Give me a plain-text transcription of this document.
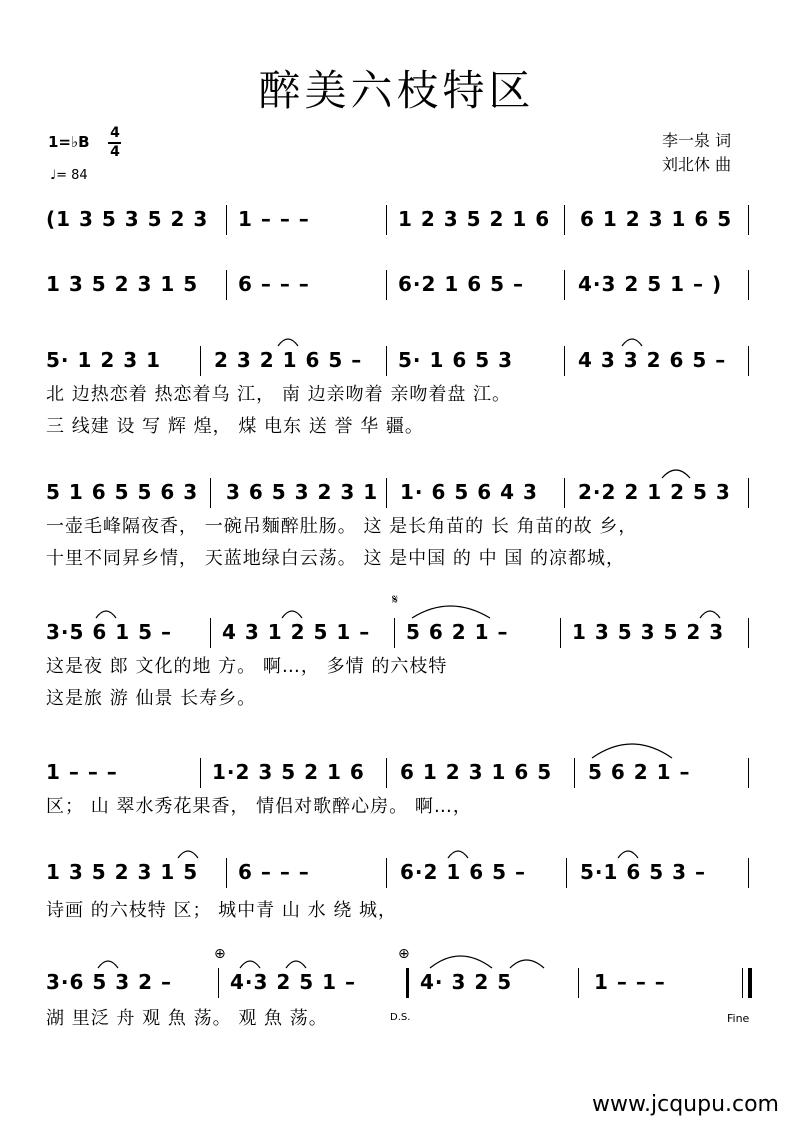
醉美六枝特区
1=♭B 4
4
♩= 84
李一泉 词
刘北休 曲
(1 3 5 3 5 2 3 1 – – –	1 2 3 5 2 1 6 6 1 2 3 1 6 5
1 3 5 2 3 1 5 6 – – –	6·2 1 6 5 –	4·3 2 5 1 – )
5· 1 2 3 1	2 3 2 1 6 5 – 5· 1 6 5 3	4 3 3 2 6 5 –
北 边热恋着 热恋着乌 江， 南 边亲吻着 亲吻着盘 江。
三 线建 设 写 辉 煌， 煤 电东 送 誉 华 疆。
5 1 6 5 5 6 3 3 6 5 3 2 3 1 1· 6 5 6 4 3 2·2 2 1 2 5 3
一壶毛峰隔夜香， 一碗吊麵醉肚肠。 这 是长角苗的 长 角苗的故 乡，
十里不同昇乡情， 天蓝地绿白云荡。 这 是中国 的 中 国 的凉都城，
𝄋
3·5 6 1 5 – 4 3 1 2 5 1 – 5 6 2 1 –	1 3 5 3 5 2 3
这是夜 郎 文化的地 方。 啊…， 多情 的六枝特
这是旅 游 仙景 长寿乡。
1 – – –	1·2 3 5 2 1 6 6 1 2 3 1 6 5 5 6 2 1 –
区； 山 翠水秀花果香， 情侣对歌醉心房。 啊…，
1 3 5 2 3 1 5 6 – – –	6·2 1 6 5 –	5·1 6 5 3 –
诗画 的六枝特 区； 城中青 山 水 绕 城，
⊕	⊕
3·6 5 3 2 –	4·3 2 5 1 –	4· 3 2 5	1 – – –
湖 里泛 舟 观 魚 荡。 观 魚 荡。	D.S.	Fine
www.jcqupu.com
